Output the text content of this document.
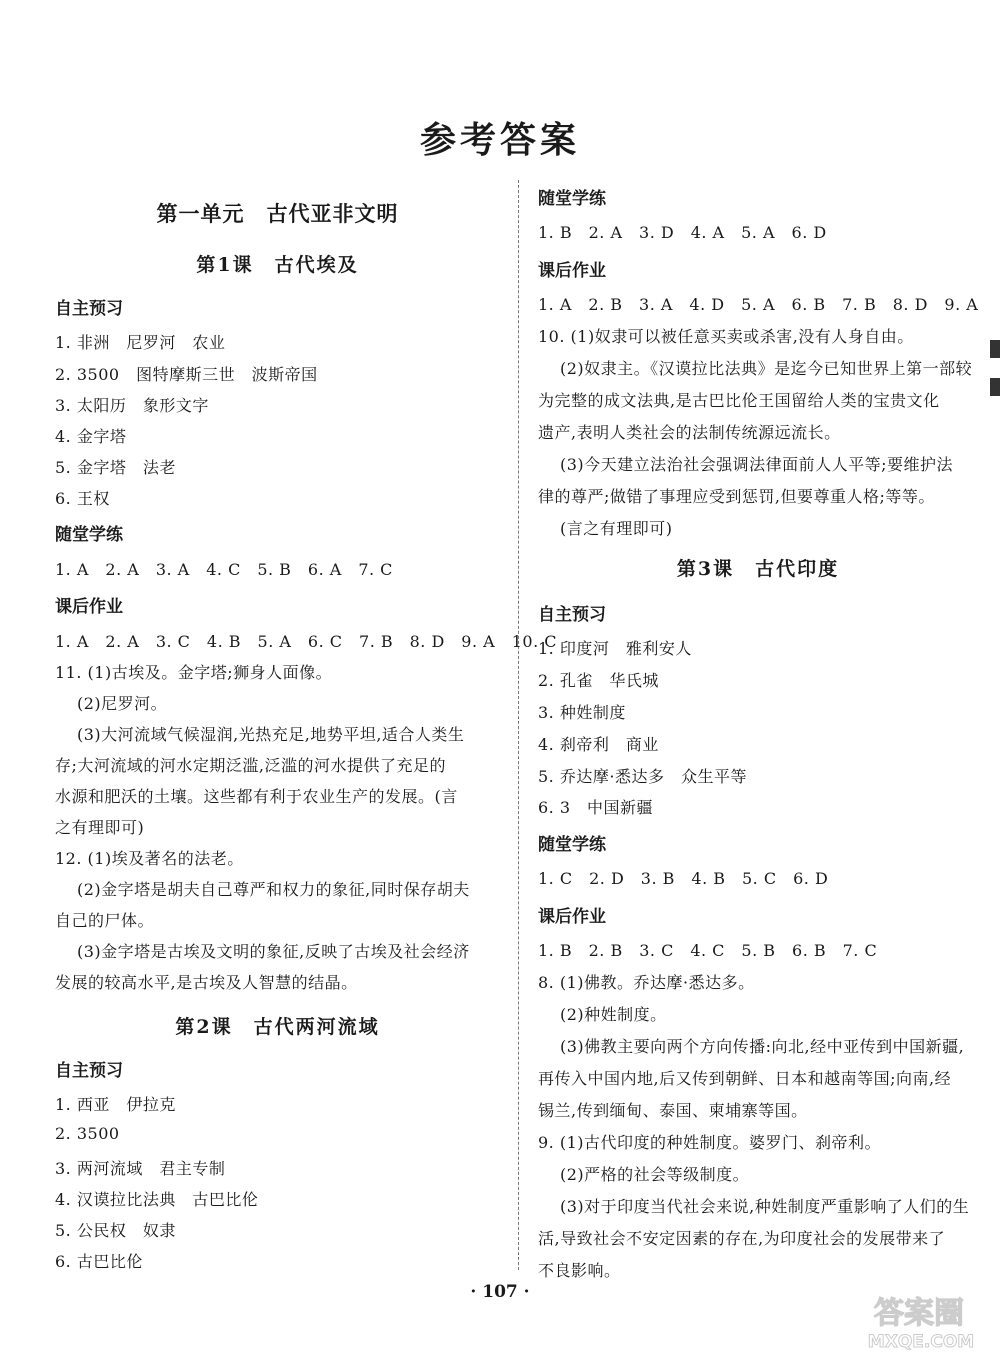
参考答案
第一单元　古代亚非文明
第1课　古代埃及
自主预习
1. 非洲　尼罗河　农业
2. 3500　图特摩斯三世　波斯帝国
3. 太阳历　象形文字
4. 金字塔
5. 金字塔　法老
6. 王权
随堂学练
1. A　2. A　3. A　4. C　5. B　6. A　7. C
课后作业
1. A　2. A　3. C　4. B　5. A　6. C　7. B　8. D　9. A　10. C
11. (1)古埃及。金字塔;狮身人面像。
(2)尼罗河。
(3)大河流域气候湿润,光热充足,地势平坦,适合人类生
存;大河流域的河水定期泛滥,泛滥的河水提供了充足的
水源和肥沃的土壤。这些都有利于农业生产的发展。(言
之有理即可)
12. (1)埃及著名的法老。
(2)金字塔是胡夫自己尊严和权力的象征,同时保存胡夫
自己的尸体。
(3)金字塔是古埃及文明的象征,反映了古埃及社会经济
发展的较高水平,是古埃及人智慧的结晶。
第2课　古代两河流域
自主预习
1. 西亚　伊拉克
2. 3500
3. 两河流域　君主专制
4. 汉谟拉比法典　古巴比伦
5. 公民权　奴隶
6. 古巴比伦
随堂学练
1. B　2. A　3. D　4. A　5. A　6. D
课后作业
1. A　2. B　3. A　4. D　5. A　6. B　7. B　8. D　9. A
10. (1)奴隶可以被任意买卖或杀害,没有人身自由。
(2)奴隶主。《汉谟拉比法典》是迄今已知世界上第一部较
为完整的成文法典,是古巴比伦王国留给人类的宝贵文化
遗产,表明人类社会的法制传统源远流长。
(3)今天建立法治社会强调法律面前人人平等;要维护法
律的尊严;做错了事理应受到惩罚,但要尊重人格;等等。
(言之有理即可)
第3课　古代印度
自主预习
1. 印度河　雅利安人
2. 孔雀　华氏城
3. 种姓制度
4. 刹帝利　商业
5. 乔达摩·悉达多　众生平等
6. 3　中国新疆
随堂学练
1. C　2. D　3. B　4. B　5. C　6. D
课后作业
1. B　2. B　3. C　4. C　5. B　6. B　7. C
8. (1)佛教。乔达摩·悉达多。
(2)种姓制度。
(3)佛教主要向两个方向传播:向北,经中亚传到中国新疆,
再传入中国内地,后又传到朝鲜、日本和越南等国;向南,经
锡兰,传到缅甸、泰国、柬埔寨等国。
9. (1)古代印度的种姓制度。婆罗门、刹帝利。
(2)严格的社会等级制度。
(3)对于印度当代社会来说,种姓制度严重影响了人们的生
活,导致社会不安定因素的存在,为印度社会的发展带来了
不良影响。
· 107 ·
答案圈
MXQE.COM
